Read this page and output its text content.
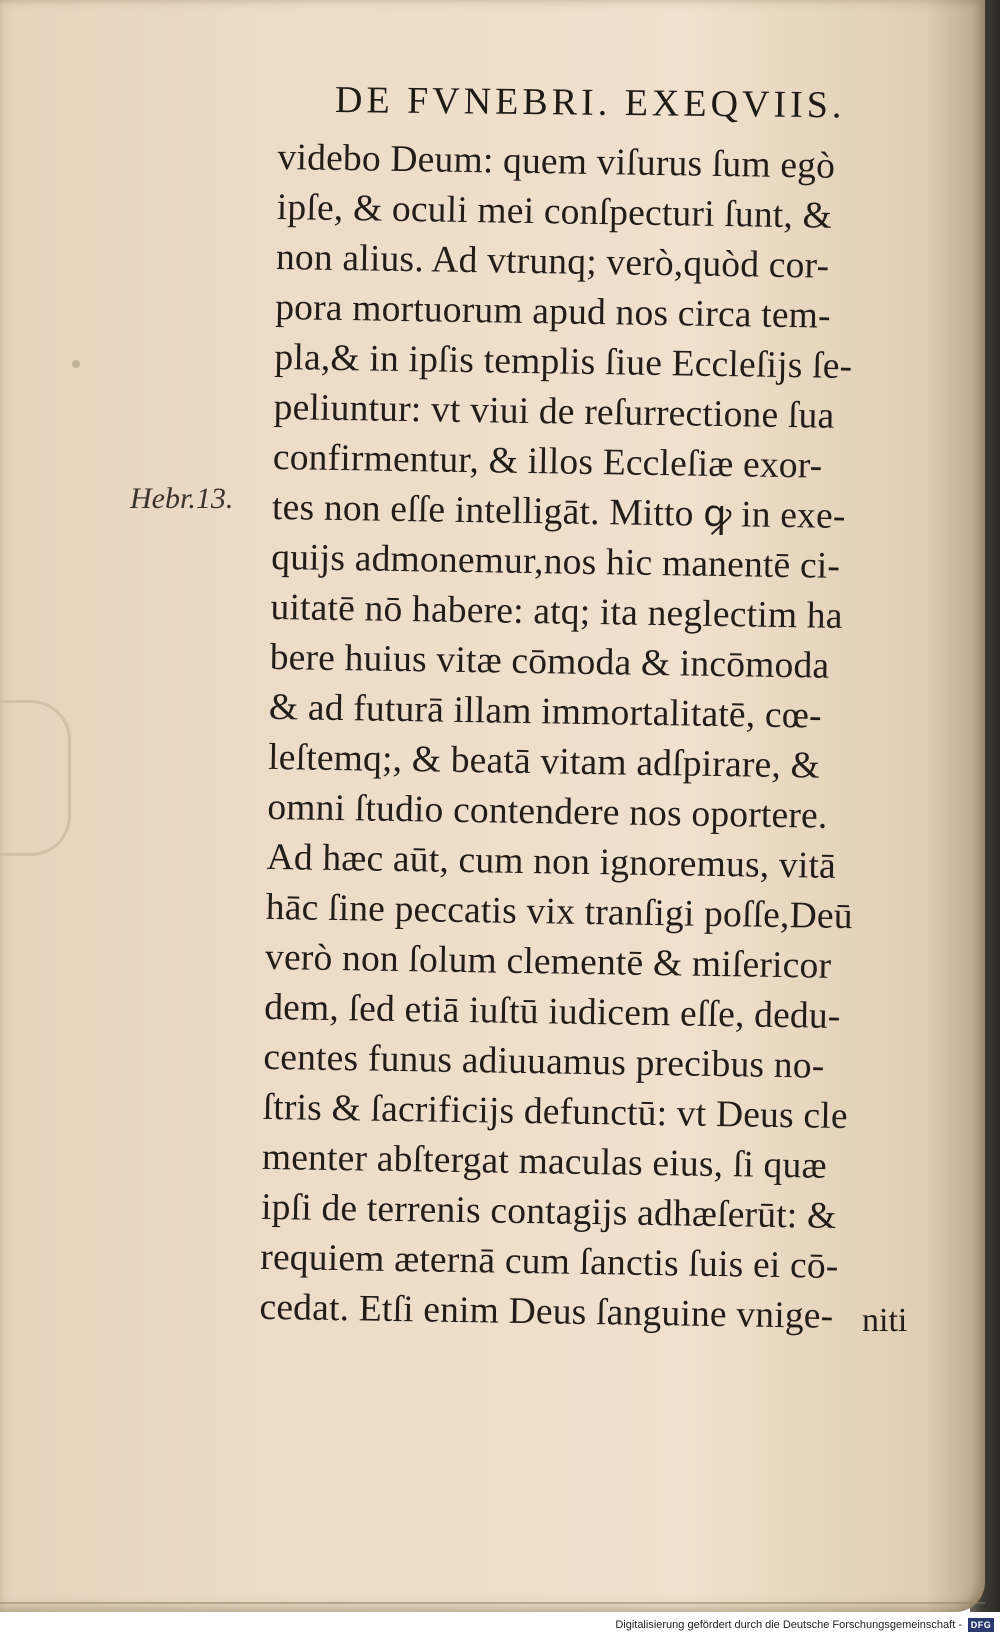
DE FVNEBRI. EXEQVIIS.
Hebr.13.
videbo Deum: quem viſurus ſum egò
ipſe, & oculi mei conſpecturi ſunt, &
non alius. Ad vtrunq; verò,quòd cor-
pora mortuorum apud nos circa tem-
pla,& in ipſis templis ſiue Eccleſijs ſe-
peliuntur: vt viui de reſurrectione ſua
confirmentur, & illos Eccleſiæ exor-
tes non eſſe intelligāt. Mitto ꝙ in exe-
quijs admonemur,nos hic manentē ci-
uitatē nō habere: atq; ita neglectim ha
bere huius vitæ cōmoda & incōmoda
& ad futurā illam immortalitatē, cœ-
leſtemq;, & beatā vitam adſpirare, &
omni ſtudio contendere nos oportere.
Ad hæc aūt, cum non ignoremus, vitā
hāc ſine peccatis vix tranſigi poſſe,Deū
verò non ſolum clementē & miſericor
dem, ſed etiā iuſtū iudicem eſſe, dedu-
centes funus adiuuamus precibus no-
ſtris & ſacrificijs defunctū: vt Deus cle
menter abſtergat maculas eius, ſi quæ
ipſi de terrenis contagijs adhæſerūt: &
requiem æternā cum ſanctis ſuis ei cō-
cedat. Etſi enim Deus ſanguine vnige- niti
Digitalisierung gefördert durch die Deutsche Forschungsgemeinschaft - DFG
